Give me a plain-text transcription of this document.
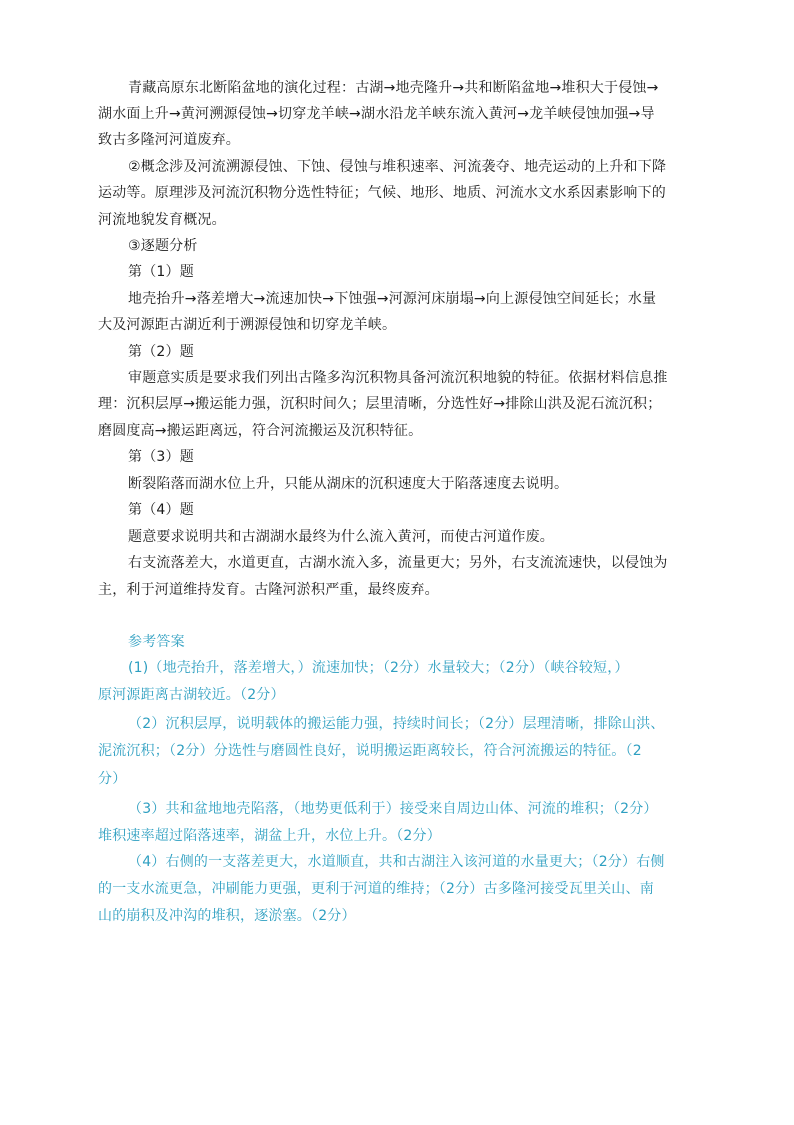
青藏高原东北断陷盆地的演化过程：古湖→地壳隆升→共和断陷盆地→堆积大于侵蚀→
湖水面上升→黄河溯源侵蚀→切穿龙羊峡→湖水沿龙羊峡东流入黄河→龙羊峡侵蚀加强→导
致古多隆河河道废弃。
②概念涉及河流溯源侵蚀、下蚀、侵蚀与堆积速率、河流袭夺、地壳运动的上升和下降
运动等。原理涉及河流沉积物分选性特征；气候、地形、地质、河流水文水系因素影响下的
河流地貌发育概况。
③逐题分析
第（1）题
地壳抬升→落差增大→流速加快→下蚀强→河源河床崩塌→向上源侵蚀空间延长；水量
大及河源距古湖近利于溯源侵蚀和切穿龙羊峡。
第（2）题
审题意实质是要求我们列出古隆多沟沉积物具备河流沉积地貌的特征。依据材料信息推
理：沉积层厚→搬运能力强，沉积时间久；层里清晰，分选性好→排除山洪及泥石流沉积；
磨圆度高→搬运距离远，符合河流搬运及沉积特征。
第（3）题
断裂陷落而湖水位上升，只能从湖床的沉积速度大于陷落速度去说明。
第（4）题
题意要求说明共和古湖湖水最终为什么流入黄河，而使古河道作废。
右支流落差大，水道更直，古湖水流入多，流量更大；另外，右支流流速快，以侵蚀为
主，利于河道维持发育。古隆河淤积严重，最终废弃。
参考答案
(1)（地壳抬升，落差增大，）流速加快；（2分）水量较大；（2分）（峡谷较短，）
原河源距离古湖较近。（2分）
（2）沉积层厚，说明载体的搬运能力强，持续时间长；（2分）层理清晰，排除山洪、
泥流沉积；（2分）分选性与磨圆性良好，说明搬运距离较长，符合河流搬运的特征。（2
分）
（3）共和盆地地壳陷落，（地势更低利于）接受来自周边山体、河流的堆积；（2分）
堆积速率超过陷落速率，湖盆上升，水位上升。（2分）
（4）右侧的一支落差更大，水道顺直，共和古湖注入该河道的水量更大；（2分）右侧
的一支水流更急，冲刷能力更强，更利于河道的维持；（2分）古多隆河接受瓦里关山、南
山的崩积及冲沟的堆积，逐淤塞。（2分）
